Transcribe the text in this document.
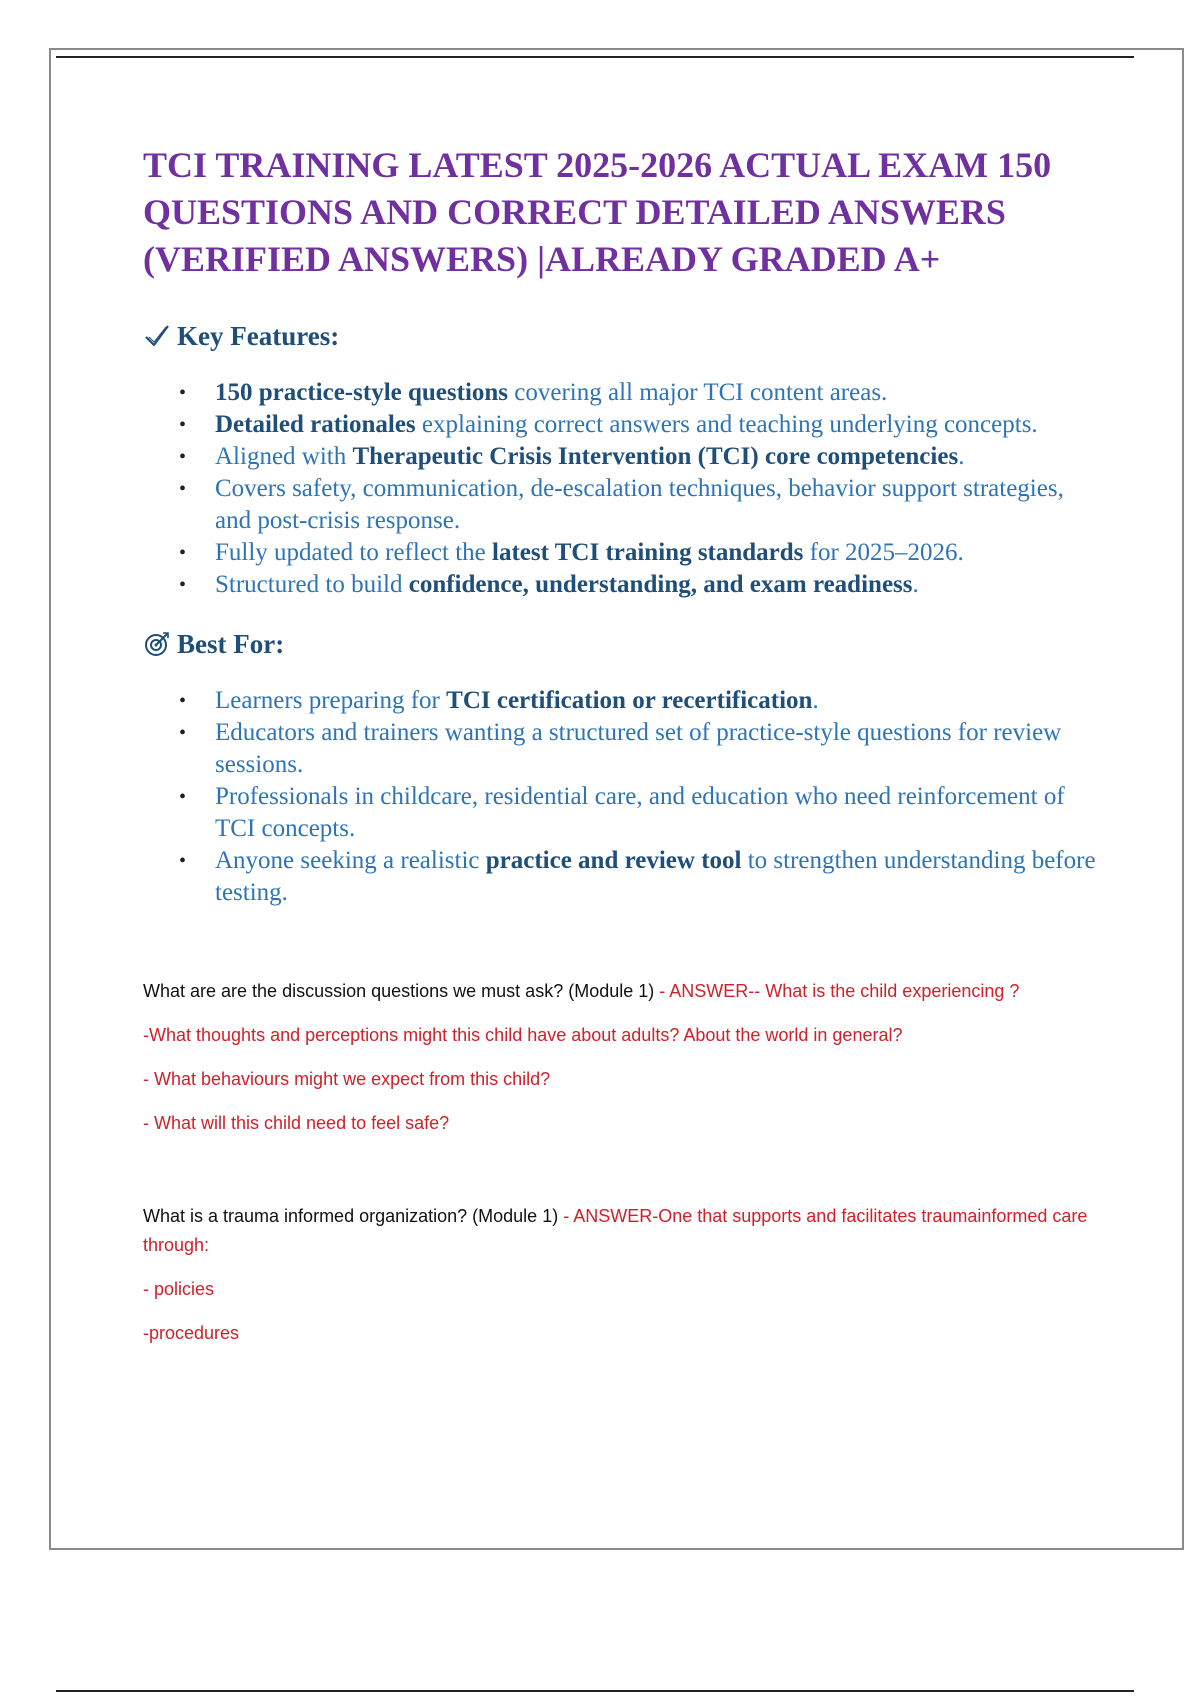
TCI TRAINING LATEST 2025-2026 ACTUAL EXAM 150 QUESTIONS AND CORRECT DETAILED ANSWERS (VERIFIED ANSWERS) |ALREADY GRADED A+
Key Features:
• 150 practice-style questions covering all major TCI content areas.
• Detailed rationales explaining correct answers and teaching underlying concepts.
• Aligned with Therapeutic Crisis Intervention (TCI) core competencies.
• Covers safety, communication, de-escalation techniques, behavior support strategies, and post-crisis response.
• Fully updated to reflect the latest TCI training standards for 2025–2026.
• Structured to build confidence, understanding, and exam readiness.
Best For:
• Learners preparing for TCI certification or recertification.
• Educators and trainers wanting a structured set of practice-style questions for review sessions.
• Professionals in childcare, residential care, and education who need reinforcement of TCI concepts.
• Anyone seeking a realistic practice and review tool to strengthen understanding before testing.
What are are the discussion questions we must ask? (Module 1) - ANSWER-- What is the child experiencing ?
-What thoughts and perceptions might this child have about adults? About the world in general?
- What behaviours might we expect from this child?
- What will this child need to feel safe?
What is a trauma informed organization? (Module 1) - ANSWER-One that supports and facilitates traumainformed care through:
- policies
-procedures
